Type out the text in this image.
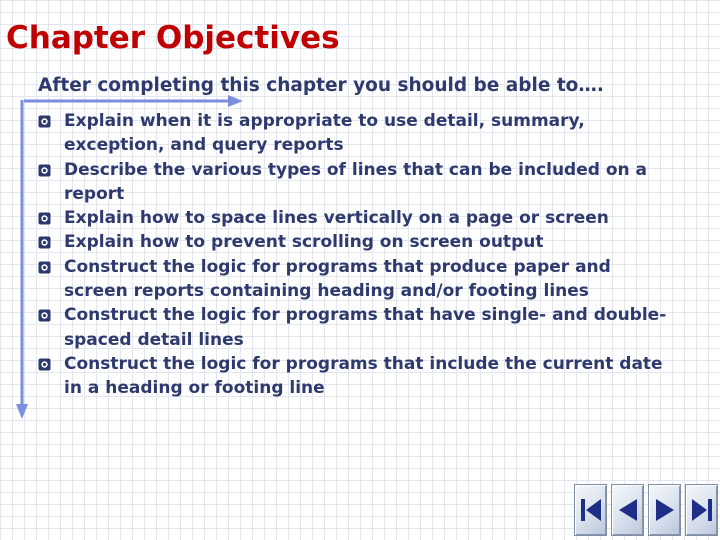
Chapter Objectives
After completing this chapter you should be able to….
Explain when it is appropriate to use detail, summary,
exception, and query reports
Describe the various types of lines that can be included on a
report
Explain how to space lines vertically on a page or screen
Explain how to prevent scrolling on screen output
Construct the logic for programs that produce paper and
screen reports containing heading and/or footing lines
Construct the logic for programs that have single- and double-
spaced detail lines
Construct the logic for programs that include the current date
in a heading or footing line
